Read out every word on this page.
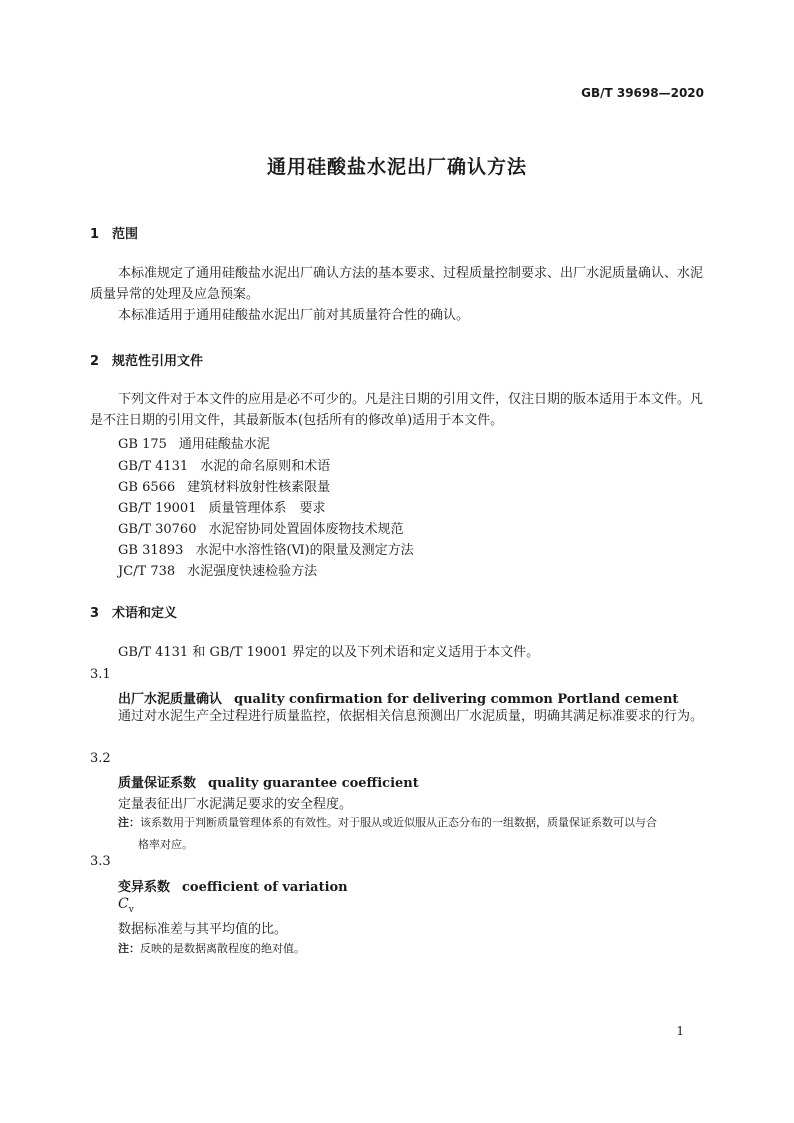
GB/T 39698—2020
通用硅酸盐水泥出厂确认方法
1 范围
本标准规定了通用硅酸盐水泥出厂确认方法的基本要求、过程质量控制要求、出厂水泥质量确认、水泥质量异常的处理及应急预案。
本标准适用于通用硅酸盐水泥出厂前对其质量符合性的确认。
2 规范性引用文件
下列文件对于本文件的应用是必不可少的。凡是注日期的引用文件，仅注日期的版本适用于本文件。凡是不注日期的引用文件，其最新版本(包括所有的修改单)适用于本文件。
GB 175 通用硅酸盐水泥
GB/T 4131 水泥的命名原则和术语
GB 6566 建筑材料放射性核素限量
GB/T 19001 质量管理体系　要求
GB/T 30760 水泥窑协同处置固体废物技术规范
GB 31893 水泥中水溶性铬(Ⅵ)的限量及测定方法
JC/T 738 水泥强度快速检验方法
3 术语和定义
GB/T 4131 和 GB/T 19001 界定的以及下列术语和定义适用于本文件。
3.1
出厂水泥质量确认 quality confirmation for delivering common Portland cement
通过对水泥生产全过程进行质量监控，依据相关信息预测出厂水泥质量，明确其满足标准要求的行为。
3.2
质量保证系数 quality guarantee coefficient
定量表征出厂水泥满足要求的安全程度。
注：该系数用于判断质量管理体系的有效性。对于服从或近似服从正态分布的一组数据，质量保证系数可以与合
格率对应。
3.3
变异系数 coefficient of variation
$C_v$
数据标准差与其平均值的比。
注：反映的是数据离散程度的绝对值。
1
